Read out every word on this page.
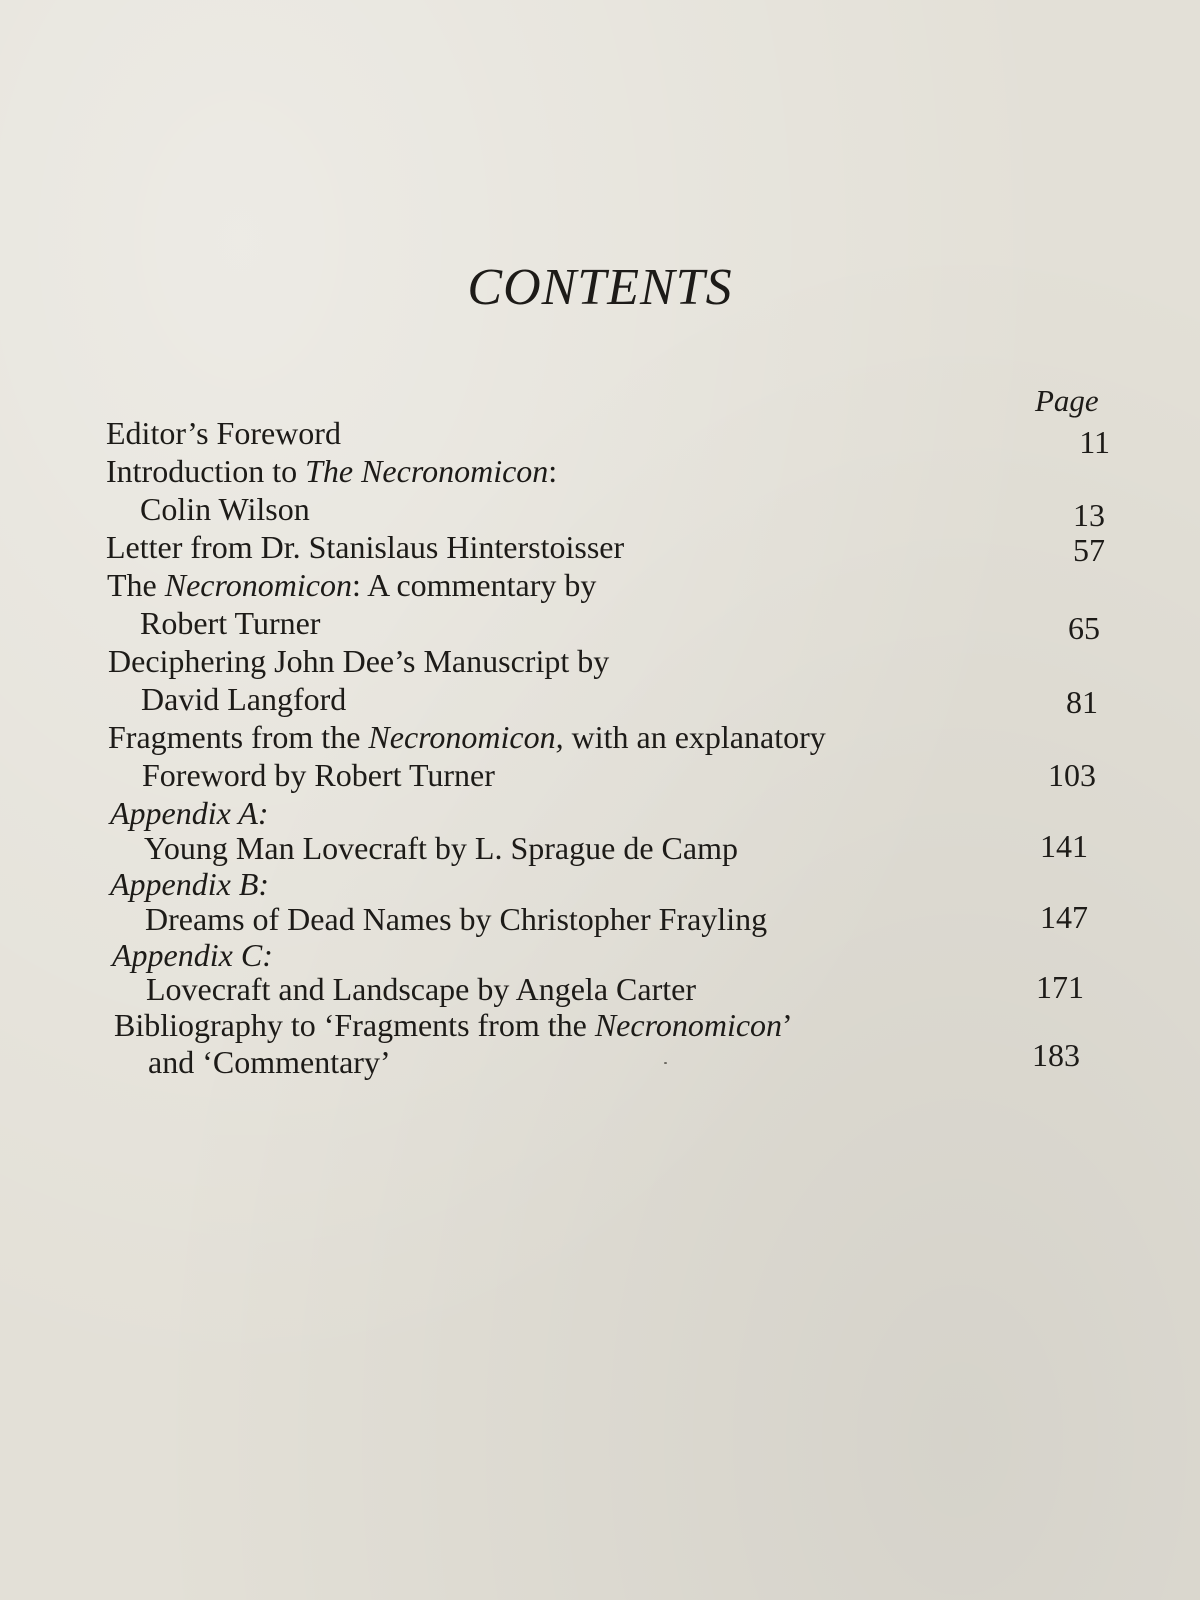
CONTENTS
Page
Editor’s Foreword	11
Introduction to The Necronomicon:
Colin Wilson	13
Letter from Dr. Stanislaus Hinterstoisser	57
The Necronomicon: A commentary by
Robert Turner	65
Deciphering John Dee’s Manuscript by
David Langford	81
Fragments from the Necronomicon, with an explanatory
Foreword by Robert Turner	103
Appendix A:
Young Man Lovecraft by L. Sprague de Camp	141
Appendix B:
Dreams of Dead Names by Christopher Frayling	147
Appendix C:
Lovecraft and Landscape by Angela Carter	171
Bibliography to ‘Fragments from the Necronomicon’
and ‘Commentary’	183
